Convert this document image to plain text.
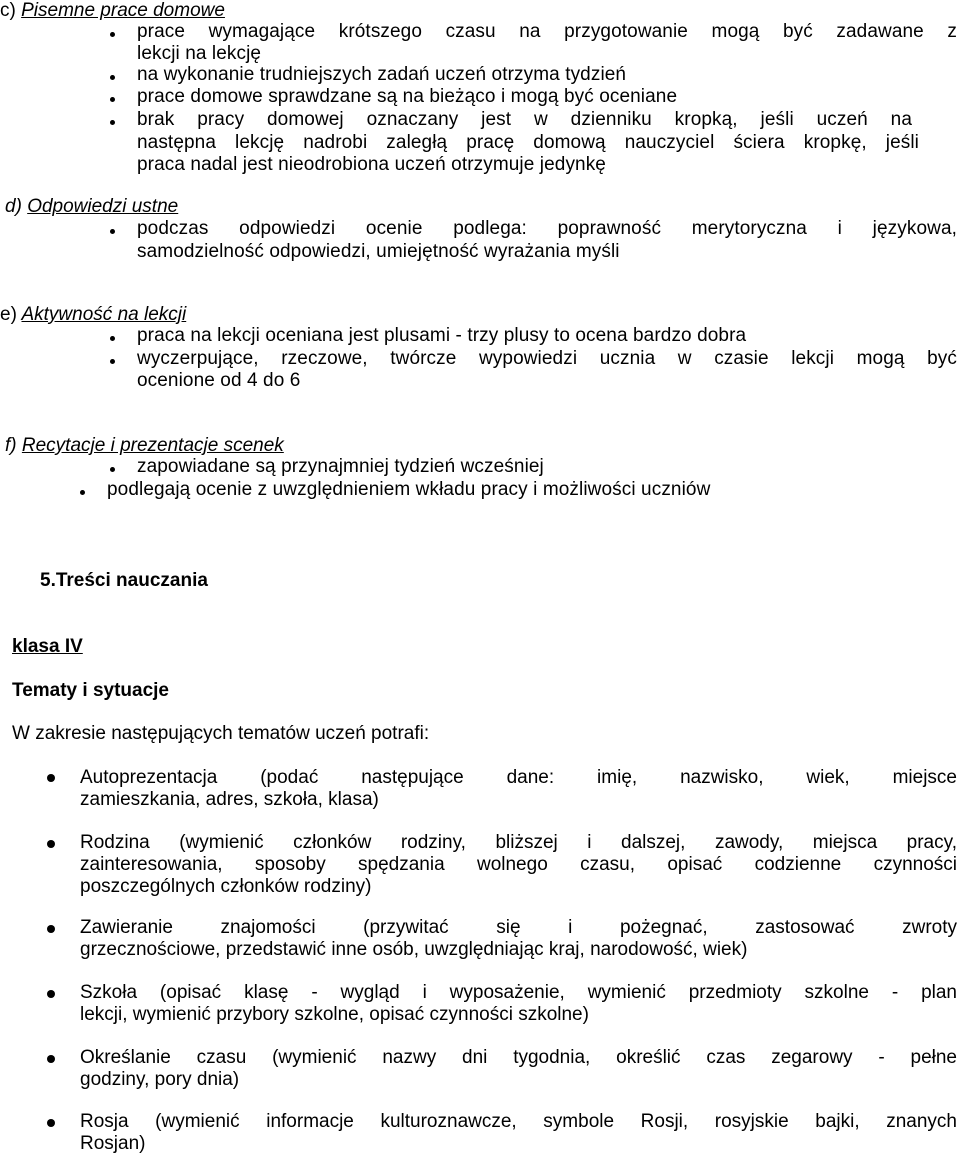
c) Pisemne prace domowe
prace wymagające krótszego czasu na przygotowanie mogą być zadawane z
lekcji na lekcję
na wykonanie trudniejszych zadań uczeń otrzyma tydzień
prace domowe sprawdzane są na bieżąco i mogą być oceniane
brak pracy domowej oznaczany jest w dzienniku kropką, jeśli uczeń na
następna lekcję nadrobi zaległą pracę domową nauczyciel ściera kropkę, jeśli
praca nadal jest nieodrobiona uczeń otrzymuje jedynkę
d) Odpowiedzi ustne
podczas odpowiedzi ocenie podlega: poprawność merytoryczna i językowa,
samodzielność odpowiedzi, umiejętność wyrażania myśli
e) Aktywność na lekcji
praca na lekcji oceniana jest plusami - trzy plusy to ocena bardzo dobra
wyczerpujące, rzeczowe, twórcze wypowiedzi ucznia w czasie lekcji mogą być
ocenione od 4 do 6
f) Recytacje i prezentacje scenek
zapowiadane są przynajmniej tydzień wcześniej
podlegają ocenie z uwzględnieniem wkładu pracy i możliwości uczniów
5.Treści nauczania
klasa IV
Tematy i sytuacje
W zakresie następujących tematów uczeń potrafi:
Autoprezentacja (podać następujące dane: imię, nazwisko, wiek, miejsce
zamieszkania, adres, szkoła, klasa)
Rodzina (wymienić członków rodziny, bliższej i dalszej, zawody, miejsca pracy,
zainteresowania, sposoby spędzania wolnego czasu, opisać codzienne czynności
poszczególnych członków rodziny)
Zawieranie znajomości (przywitać się i pożegnać, zastosować zwroty
grzecznościowe, przedstawić inne osób, uwzględniając kraj, narodowość, wiek)
Szkoła (opisać klasę - wygląd i wyposażenie, wymienić przedmioty szkolne - plan
lekcji, wymienić przybory szkolne, opisać czynności szkolne)
Określanie czasu (wymienić nazwy dni tygodnia, określić czas zegarowy - pełne
godziny, pory dnia)
Rosja (wymienić informacje kulturoznawcze, symbole Rosji, rosyjskie bajki, znanych
Rosjan)
